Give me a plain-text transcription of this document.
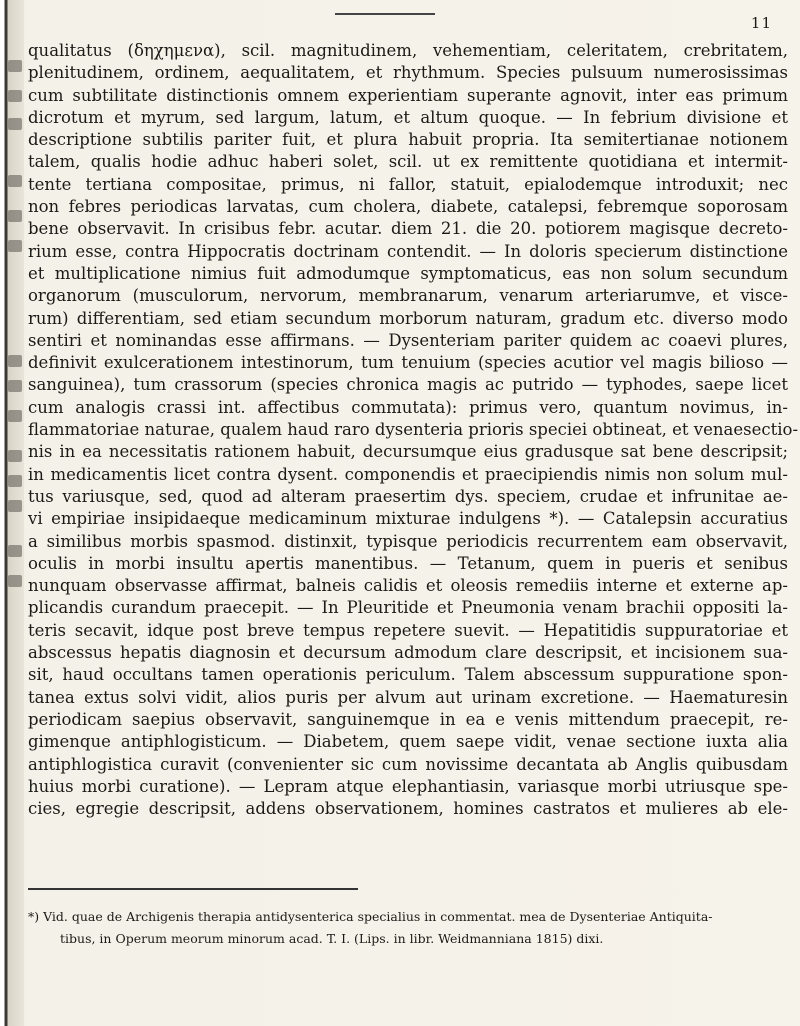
11
qualitatus (δηχημενα), scil. magnitudinem, vehementiam, celeritatem, crebritatem,
plenitudinem, ordinem, aequalitatem, et rhythmum. Species pulsuum numerosissimas
cum subtilitate distinctionis omnem experientiam superante agnovit, inter eas primum
dicrotum et myrum, sed largum, latum, et altum quoque. — In febrium divisione et
descriptione subtilis pariter fuit, et plura habuit propria. Ita semitertianae notionem
talem, qualis hodie adhuc haberi solet, scil. ut ex remittente quotidiana et intermit-
tente tertiana compositae, primus, ni fallor, statuit, epialodemque introduxit; nec
non febres periodicas larvatas, cum cholera, diabete, catalepsi, febremque soporosam
bene observavit. In crisibus febr. acutar. diem 21. die 20. potiorem magisque decreto-
rium esse, contra Hippocratis doctrinam contendit. — In doloris specierum distinctione
et multiplicatione nimius fuit admodumque symptomaticus, eas non solum secundum
organorum (musculorum, nervorum, membranarum, venarum arteriarumve, et visce-
rum) differentiam, sed etiam secundum morborum naturam, gradum etc. diverso modo
sentiri et nominandas esse affirmans. — Dysenteriam pariter quidem ac coaevi plures,
definivit exulcerationem intestinorum, tum tenuium (species acutior vel magis bilioso —
sanguinea), tum crassorum (species chronica magis ac putrido — typhodes, saepe licet
cum analogis crassi int. affectibus commutata): primus vero, quantum novimus, in-
flammatoriae naturae, qualem haud raro dysenteria prioris speciei obtineat, et venaesectio-
nis in ea necessitatis rationem habuit, decursumque eius gradusque sat bene descripsit;
in medicamentis licet contra dysent. componendis et praecipiendis nimis non solum mul-
tus variusque, sed, quod ad alteram praesertim dys. speciem, crudae et infrunitae ae-
vi empiriae insipidaeque medicaminum mixturae indulgens *). — Catalepsin accuratius
a similibus morbis spasmod. distinxit, typisque periodicis recurrentem eam observavit,
oculis in morbi insultu apertis manentibus. — Tetanum, quem in pueris et senibus
nunquam observasse affirmat, balneis calidis et oleosis remediis interne et externe ap-
plicandis curandum praecepit. — In Pleuritide et Pneumonia venam brachii oppositi la-
teris secavit, idque post breve tempus repetere suevit. — Hepatitidis suppuratoriae et
abscessus hepatis diagnosin et decursum admodum clare descripsit, et incisionem sua-
sit, haud occultans tamen operationis periculum. Talem abscessum suppuratione spon-
tanea extus solvi vidit, alios puris per alvum aut urinam excretione. — Haematuresin
periodicam saepius observavit, sanguinemque in ea e venis mittendum praecepit, re-
gimenque antiphlogisticum. — Diabetem, quem saepe vidit, venae sectione iuxta alia
antiphlogistica curavit (convenienter sic cum novissime decantata ab Anglis quibusdam
huius morbi curatione). — Lepram atque elephantiasin, variasque morbi utriusque spe-
cies, egregie descripsit, addens observationem, homines castratos et mulieres ab ele-
*) Vid. quae de Archigenis therapia antidysenterica specialius in commentat. mea de Dysenteriae Antiquita-
tibus, in Operum meorum minorum acad. T. I. (Lips. in libr. Weidmanniana 1815) dixi.
